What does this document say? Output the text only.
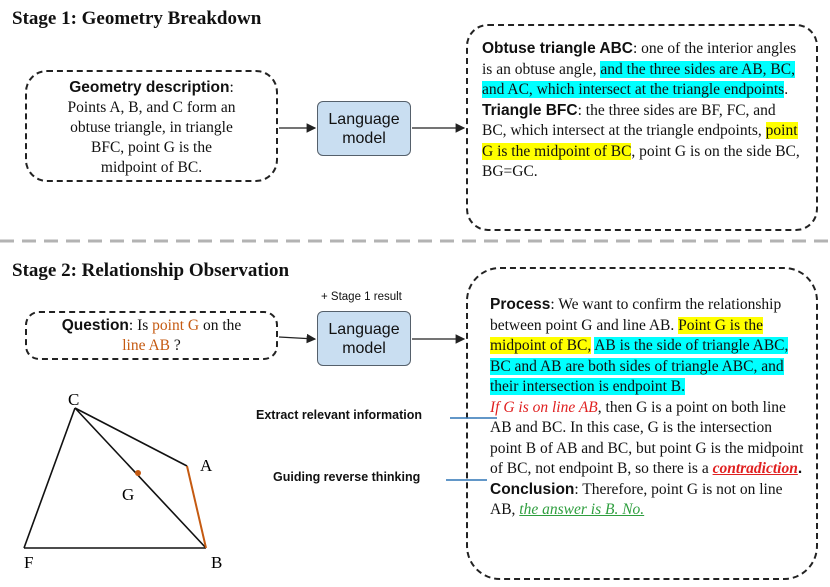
Stage 1: Geometry Breakdown
Geometry description:
Points A, B, and C form an
obtuse triangle, in triangle
BFC, point G is the
midpoint of BC.
Language model
Obtuse triangle ABC: one of the interior angles is an obtuse angle, and the three sides are AB, BC, and AC, which intersect at the triangle endpoints.
Triangle BFC: the three sides are BF, FC, and BC, which intersect at the triangle endpoints, point G is the midpoint of BC, point G is on the side BC, BG=GC.
Stage 2: Relationship Observation
Question: Is point G on the
line AB ?
+ Stage 1 result
Language model
Extract relevant information
Guiding reverse thinking
Process: We want to confirm the relationship between point G and line AB. Point G is the midpoint of BC, AB is the side of triangle ABC, BC and AB are both sides of triangle ABC, and their intersection is endpoint B.
If G is on line AB, then G is a point on both line AB and BC. In this case, G is the intersection point B of AB and BC, but point G is the midpoint of BC, not endpoint B, so there is a contradiction.
Conclusion: Therefore, point G is not on line AB, the answer is B. No.
C
A
G
F	B
